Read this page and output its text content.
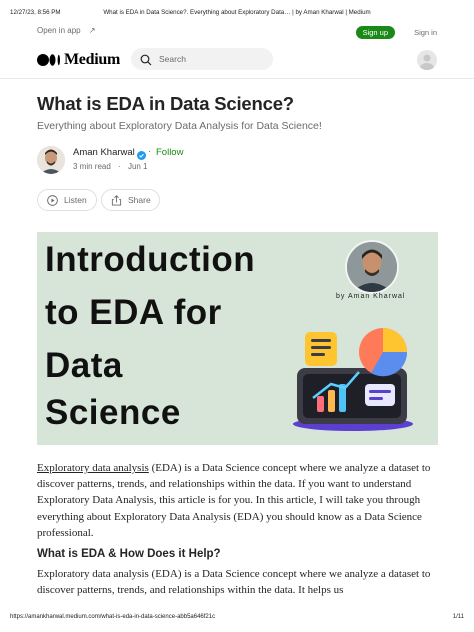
12/27/23, 8:56 PM	What is EDA in Data Science?. Everything about Exploratory Data… | by Aman Kharwal | Medium
Open in app ↗	Sign up	Sign in
Medium	Search
What is EDA in Data Science?

Everything about Exploratory Data Analysis for Data Science!

Aman Kharwal · Follow
3 min read · Jun 1
Listen	Share
Introduction
to EDA for
Data
Science
by Aman Kharwal

Exploratory data analysis (EDA) is a Data Science concept where we analyze a dataset to discover patterns, trends, and relationships within the data. If you want to understand Exploratory Data Analysis, this article is for you. In this article, I will take you through everything about Exploratory Data Analysis (EDA) you should know as a Data Science professional.

What is EDA & How Does it Help?

Exploratory data analysis (EDA) is a Data Science concept where we analyze a dataset to discover patterns, trends, and relationships within the data. It helps us

https://amankharwal.medium.com/what-is-eda-in-data-science-abb5a646f21c	1/11
